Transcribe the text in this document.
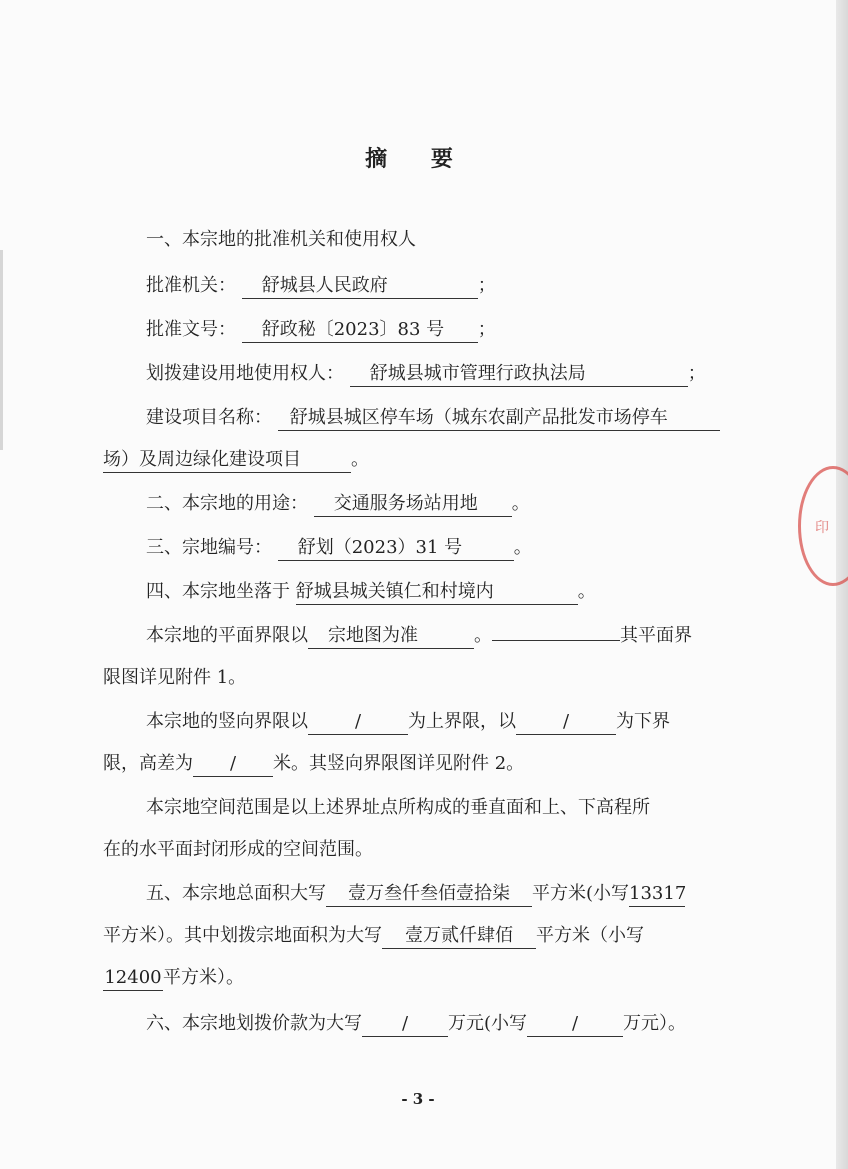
摘 要
一、本宗地的批准机关和使用权人
批准机关： 舒城县人民政府	；
批准文号： 舒政秘〔2023〕83 号 ；
划拨建设用地使用权人： 舒城县城市管理行政执法局	；
建设项目名称： 舒城县城区停车场（城东农副产品批发市场停车
场）及周边绿化建设项目	。
二、本宗地的用途： 交通服务场站用地 。
三、宗地编号： 舒划（2023）31 号	。
四、本宗地坐落于 舒城县城关镇仁和村境内	。
本宗地的平面界限以 宗地图为准	。	其平面界
限图详见附件 1。
本宗地的竖向界限以	/	为上界限，以	/	为下界
限，高差为 / 米。其竖向界限图详见附件 2。
本宗地空间范围是以上述界址点所构成的垂直面和上、下高程所
在的水平面封闭形成的空间范围。
五、本宗地总面积大写 壹万叁仟叁佰壹拾柒 平方米(小写13317
平方米）。其中划拨宗地面积为大写 壹万贰仟肆佰 平方米（小写
12400平方米）。
六、本宗地划拨价款为大写 / 万元(小写 / 万元）。
- 3 -
印
